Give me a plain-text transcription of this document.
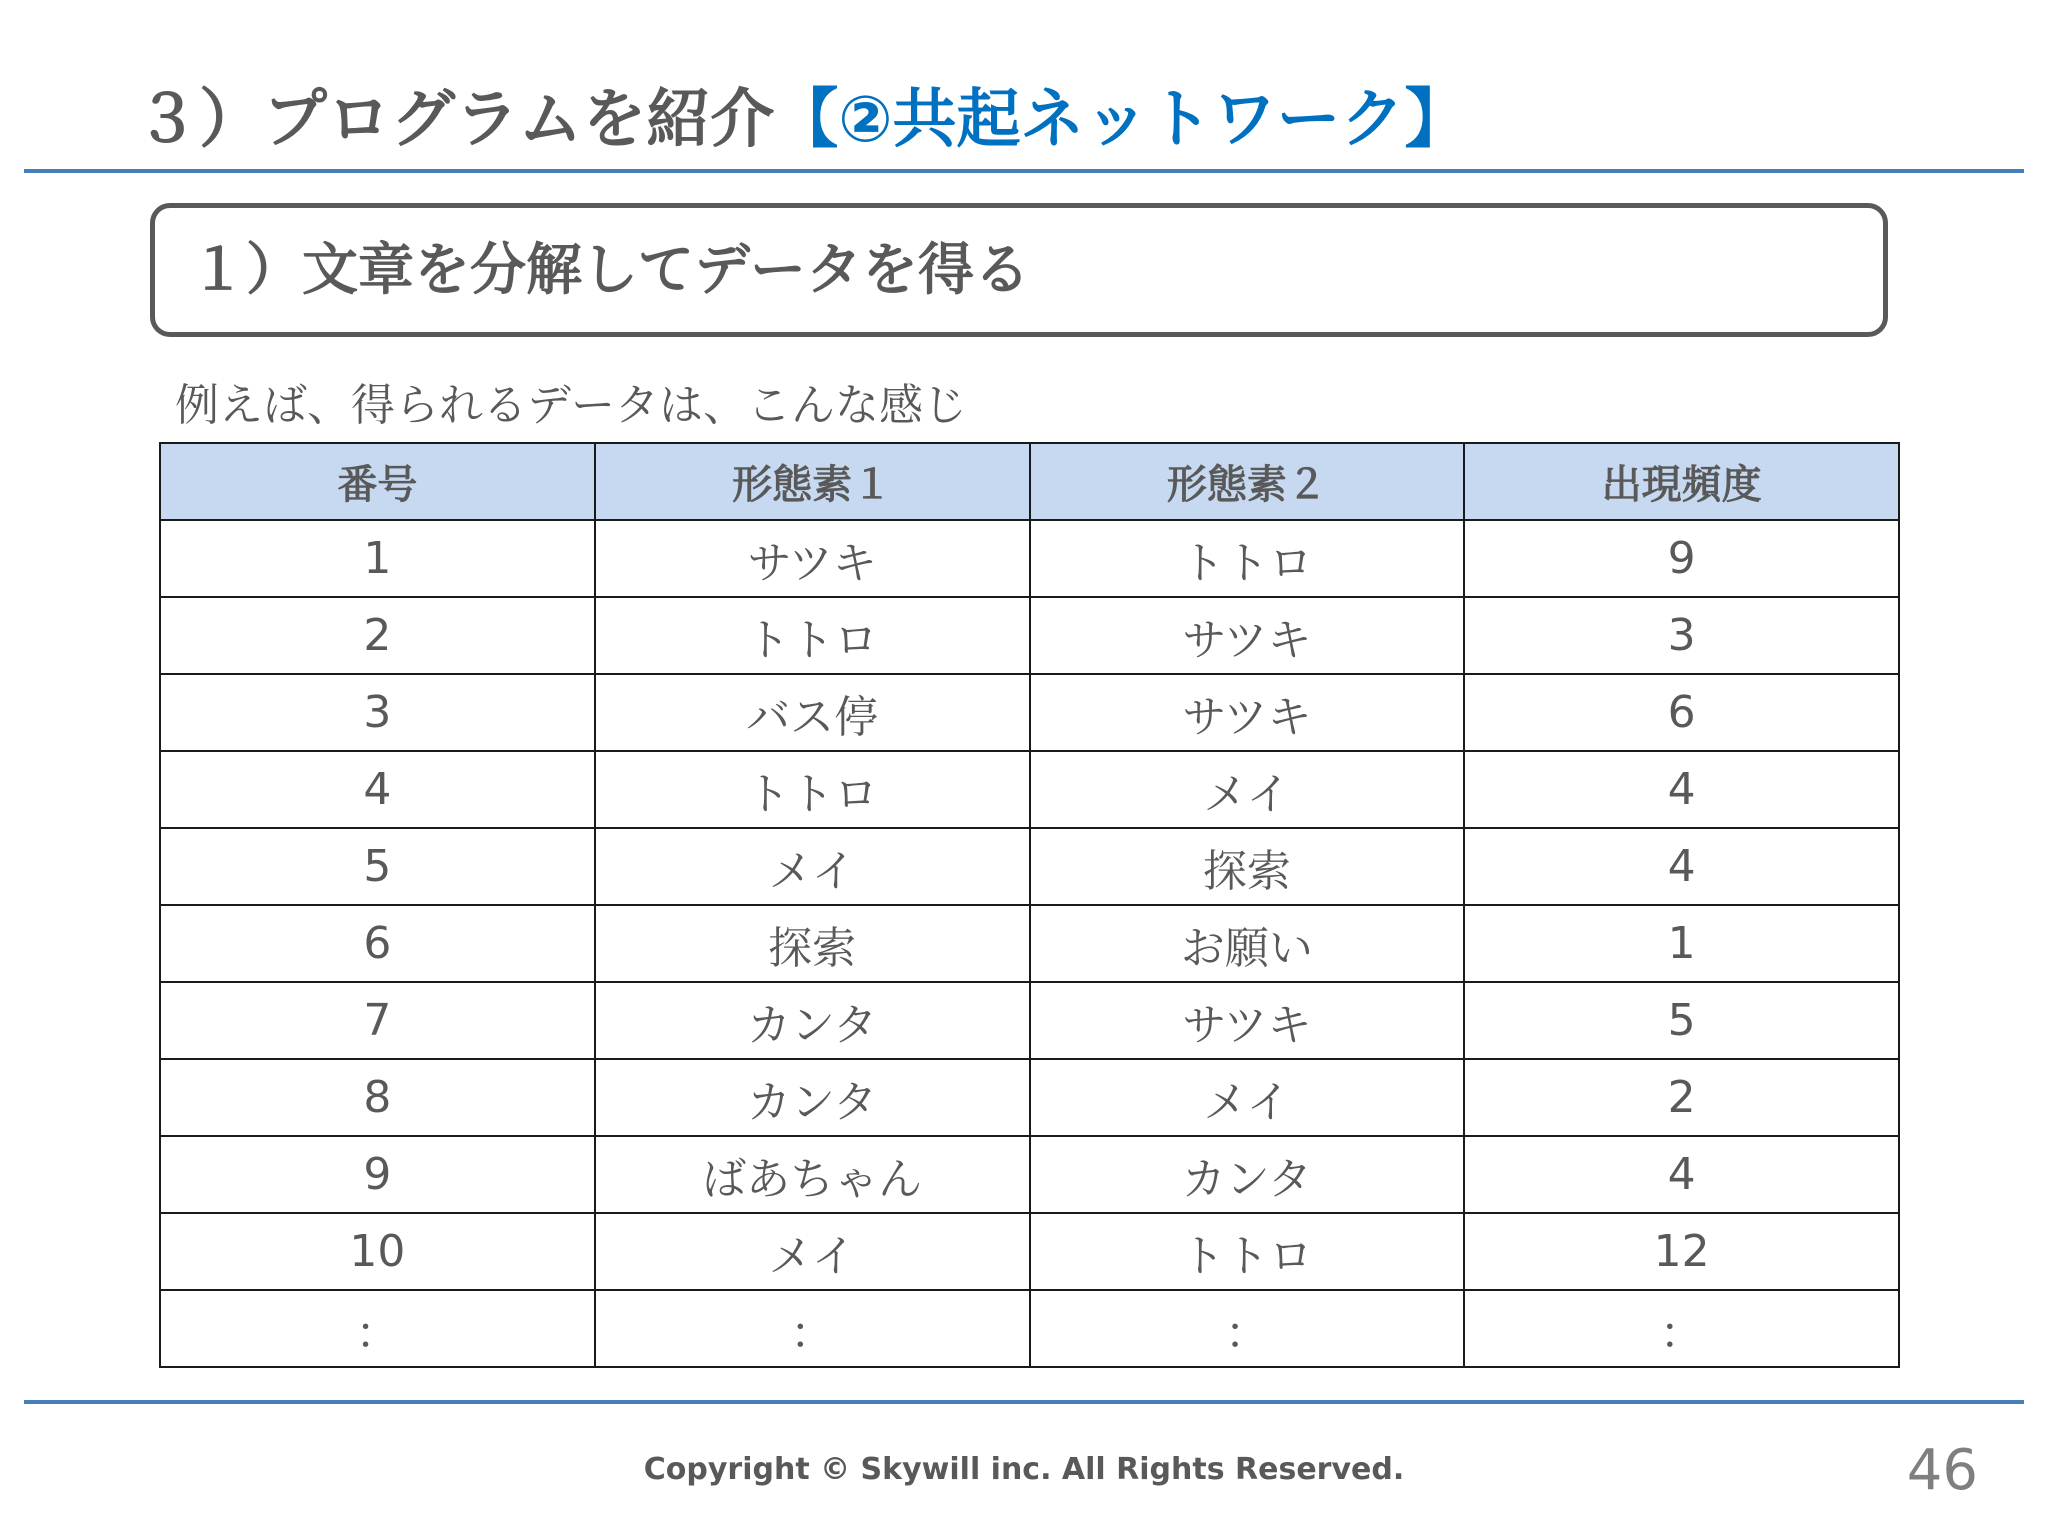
３）プログラムを紹介【②共起ネットワーク】
１）文章を分解してデータを得る
例えば、得られるデータは、こんな感じ
番号	形態素１	形態素２	出現頻度
1	サツキ	トトロ	9
2	トトロ	サツキ	3
3	バス停	サツキ	6
4	トトロ	メイ	4
5	メイ	探索	4
6	探索	お願い	1
7	カンタ	サツキ	5
8	カンタ	メイ	2
9	ばあちゃん	カンタ	4
10	メイ	トトロ	12
：	：	：	：
Copyright © Skywill inc. All Rights Reserved.	46
